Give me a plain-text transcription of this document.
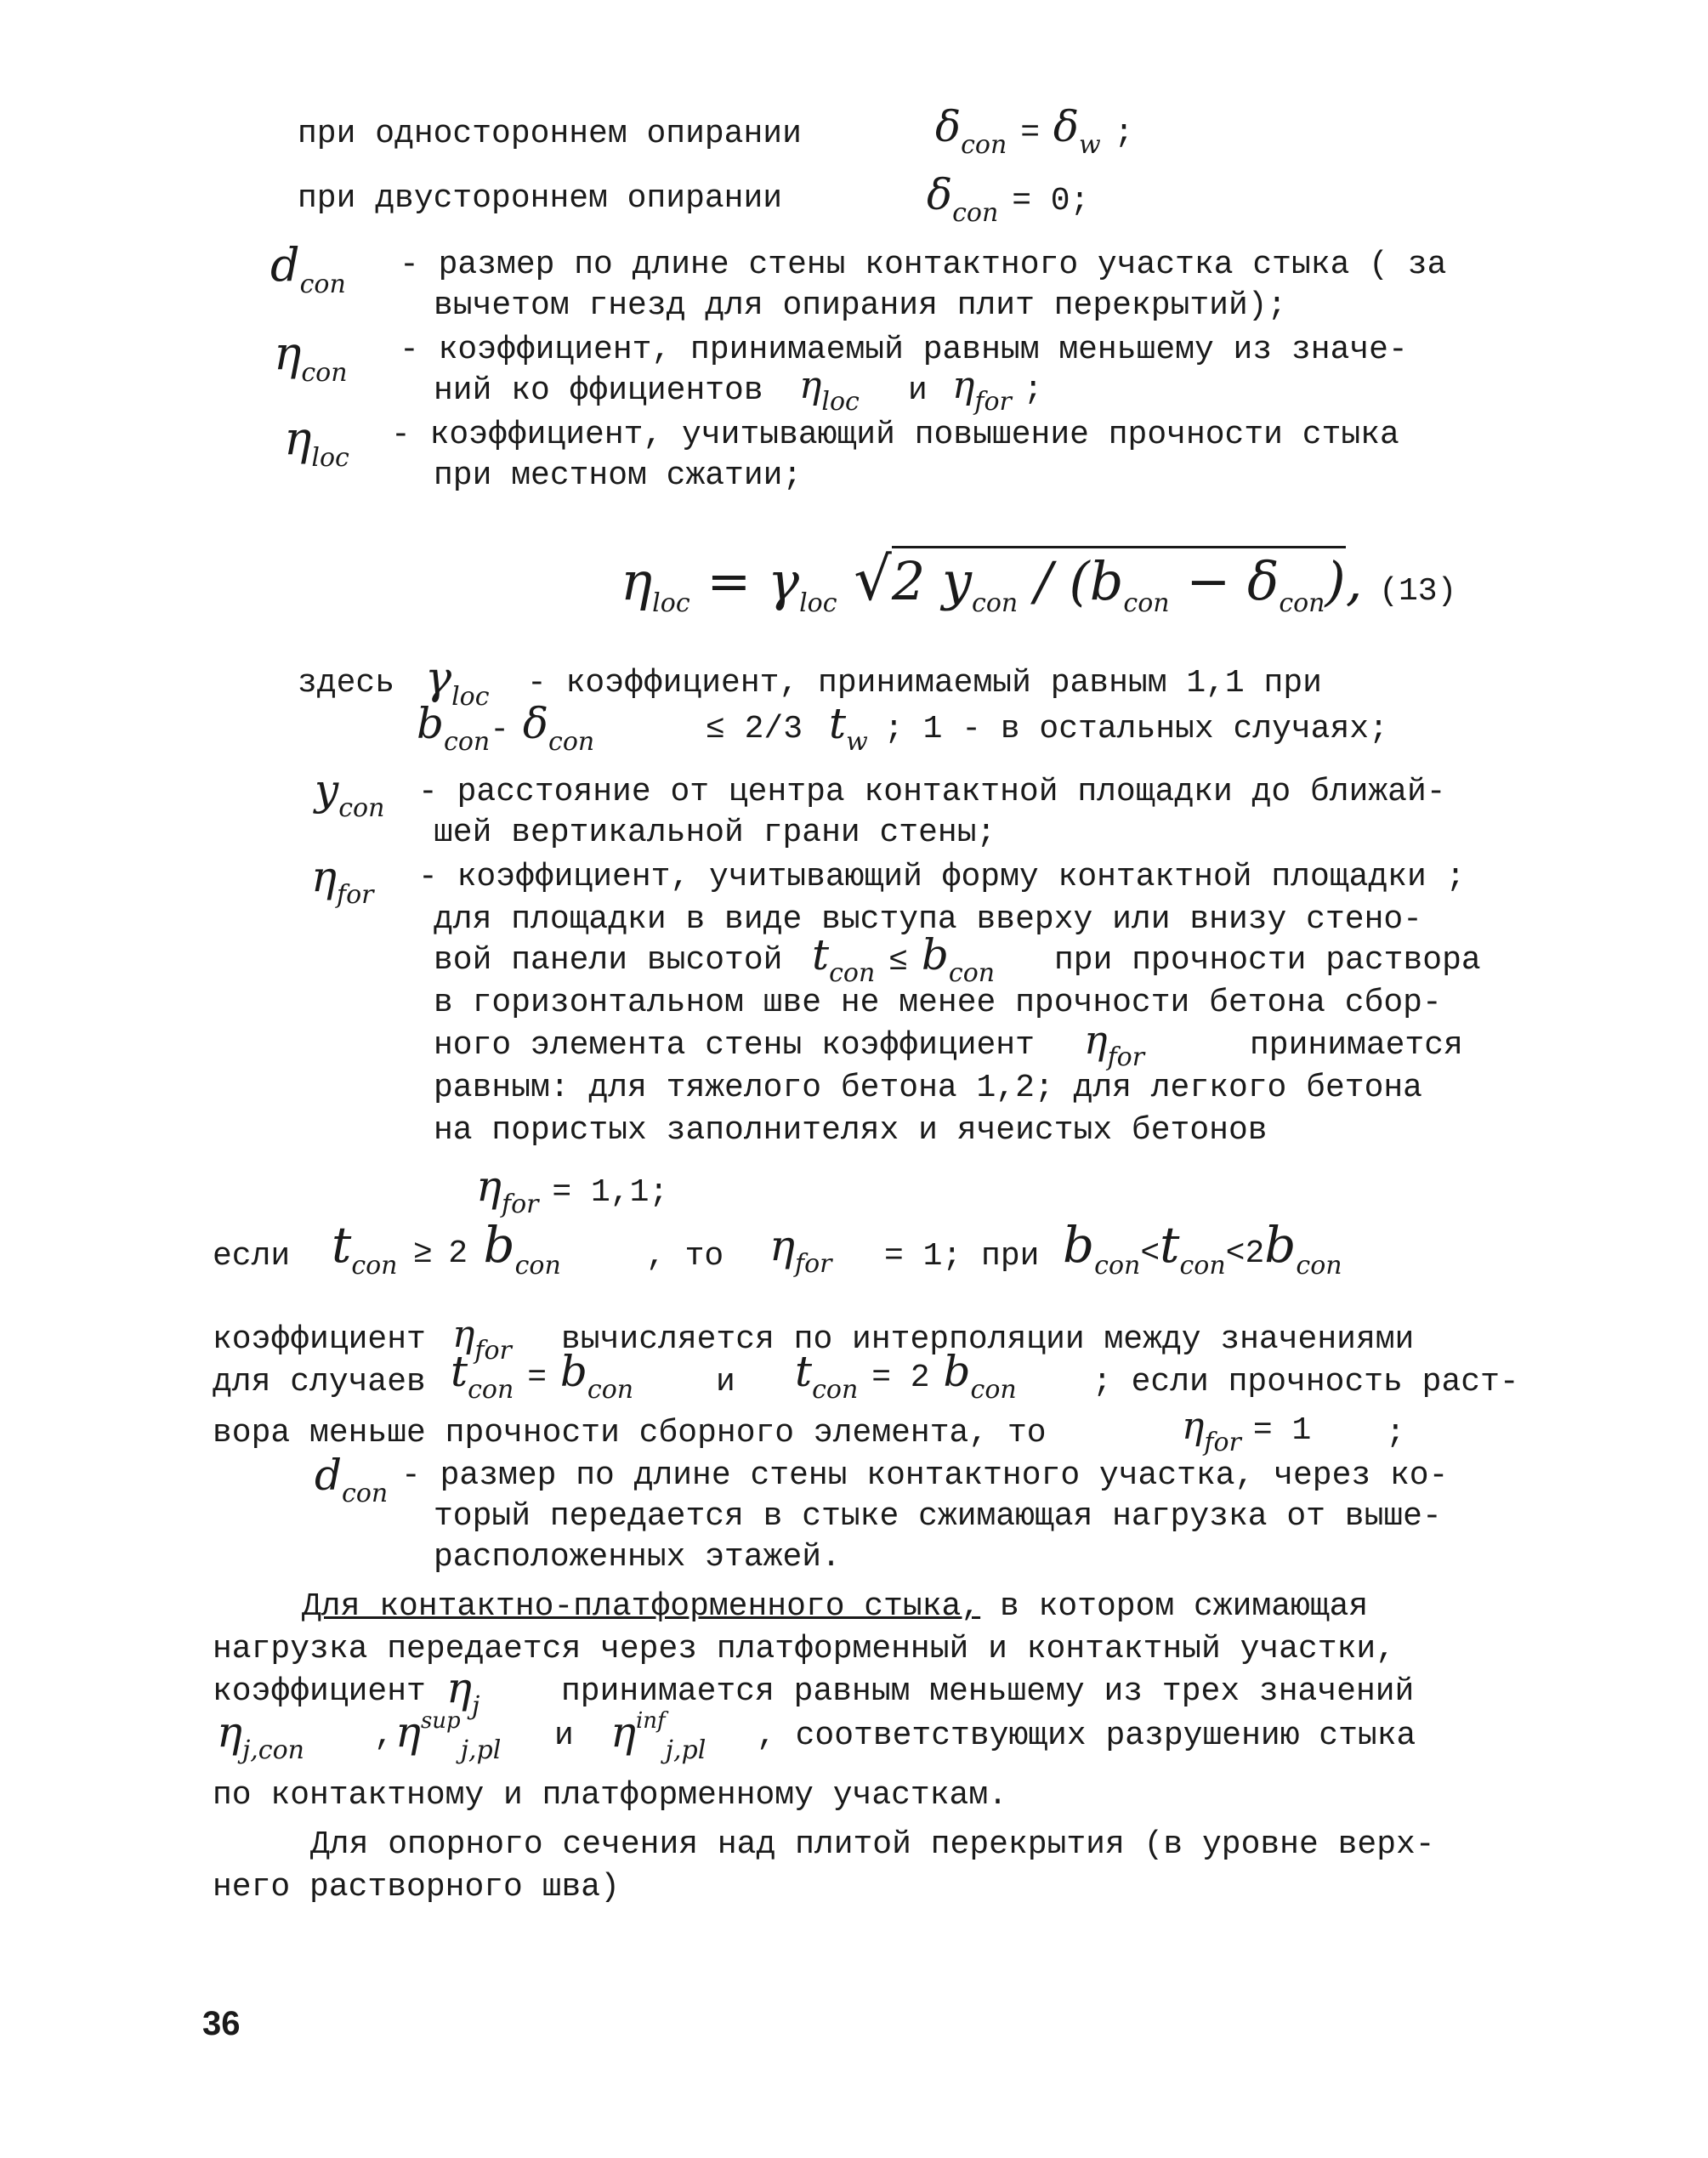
при одностороннем опирании	$\delta_{con} = \delta_w$ ;
при двустороннем опирании	$\delta_{con} = 0$;
$d_{con}$
- размер по длине стены контактного участка стыка ( за
вычетом гнезд для опирания плит перекрытий);
$\eta_{con}$
- коэффициент, принимаемый равным меньшему из значе-
ний ко ффициентов $\eta_{loc}$ и $\eta_{for}$ ;
$\eta_{loc}$
- коэффициент, учитывающий повышение прочности стыка
при местном сжатии;
$\eta_{loc} = \gamma_{loc}$ √2 $y_{con} / (b_{con} - \delta_{con})$, (13)
здесь $\gamma_{loc}$ - коэффициент, принимаемый равным 1,1 при
$b_{con}-$ $\delta_{con}$	≤ 2/3 $t_w$ ; 1 - в остальных случаях;
$y_{con}$ - расстояние от центра контактной площадки до ближай-
шей вертикальной грани стены;
$\eta_{for}$ - коэффициент, учитывающий форму контактной площадки ;
для площадки в виде выступа вверху или внизу стено-
вой панели высотой $t_{con} \le b_{con}$ при прочности раствора
в горизонтальном шве не менее прочности бетона сбор-
ного элемента стены коэффициент $\eta_{for}$	принимается
равным: для тяжелого бетона 1,2; для легкого бетона
на пористых заполнителях и ячеистых бетонов
$\eta_{for} = 1,1$;
если $t_{con} \ge 2$ $b_{con}$	, то $\eta_{for} = 1$; при $b_{con}<t_{con}<2b_{con}$
коэффициент $\eta_{for}$ вычисляется по интерполяции между значениями
для случаев $t_{con} = b_{con}$	и $t_{con} = 2$ $b_{con}$ ; если прочность раст-
вора меньше прочности сборного элемента, то	$\eta_{for} = 1$ ;
$d_{con}$ - размер по длине стены контактного участка, через ко-
торый передается в стыке сжимающая нагрузка от выше-
расположенных этажей.
Для контактно-платформенного стыка, в котором сжимающая
нагрузка передается через платформенный и контактный участки,
коэффициент $\eta_j$	принимается равным меньшему из трех значений
$\eta_{j,con}$ , $\eta^{sup}_{j,pl}$ и $\eta^{inf}_{j,pl}$ , соответствующих разрушению стыка
по контактному и платформенному участкам.
Для опорного сечения над плитой перекрытия (в уровне верх-
него растворного шва)
36
